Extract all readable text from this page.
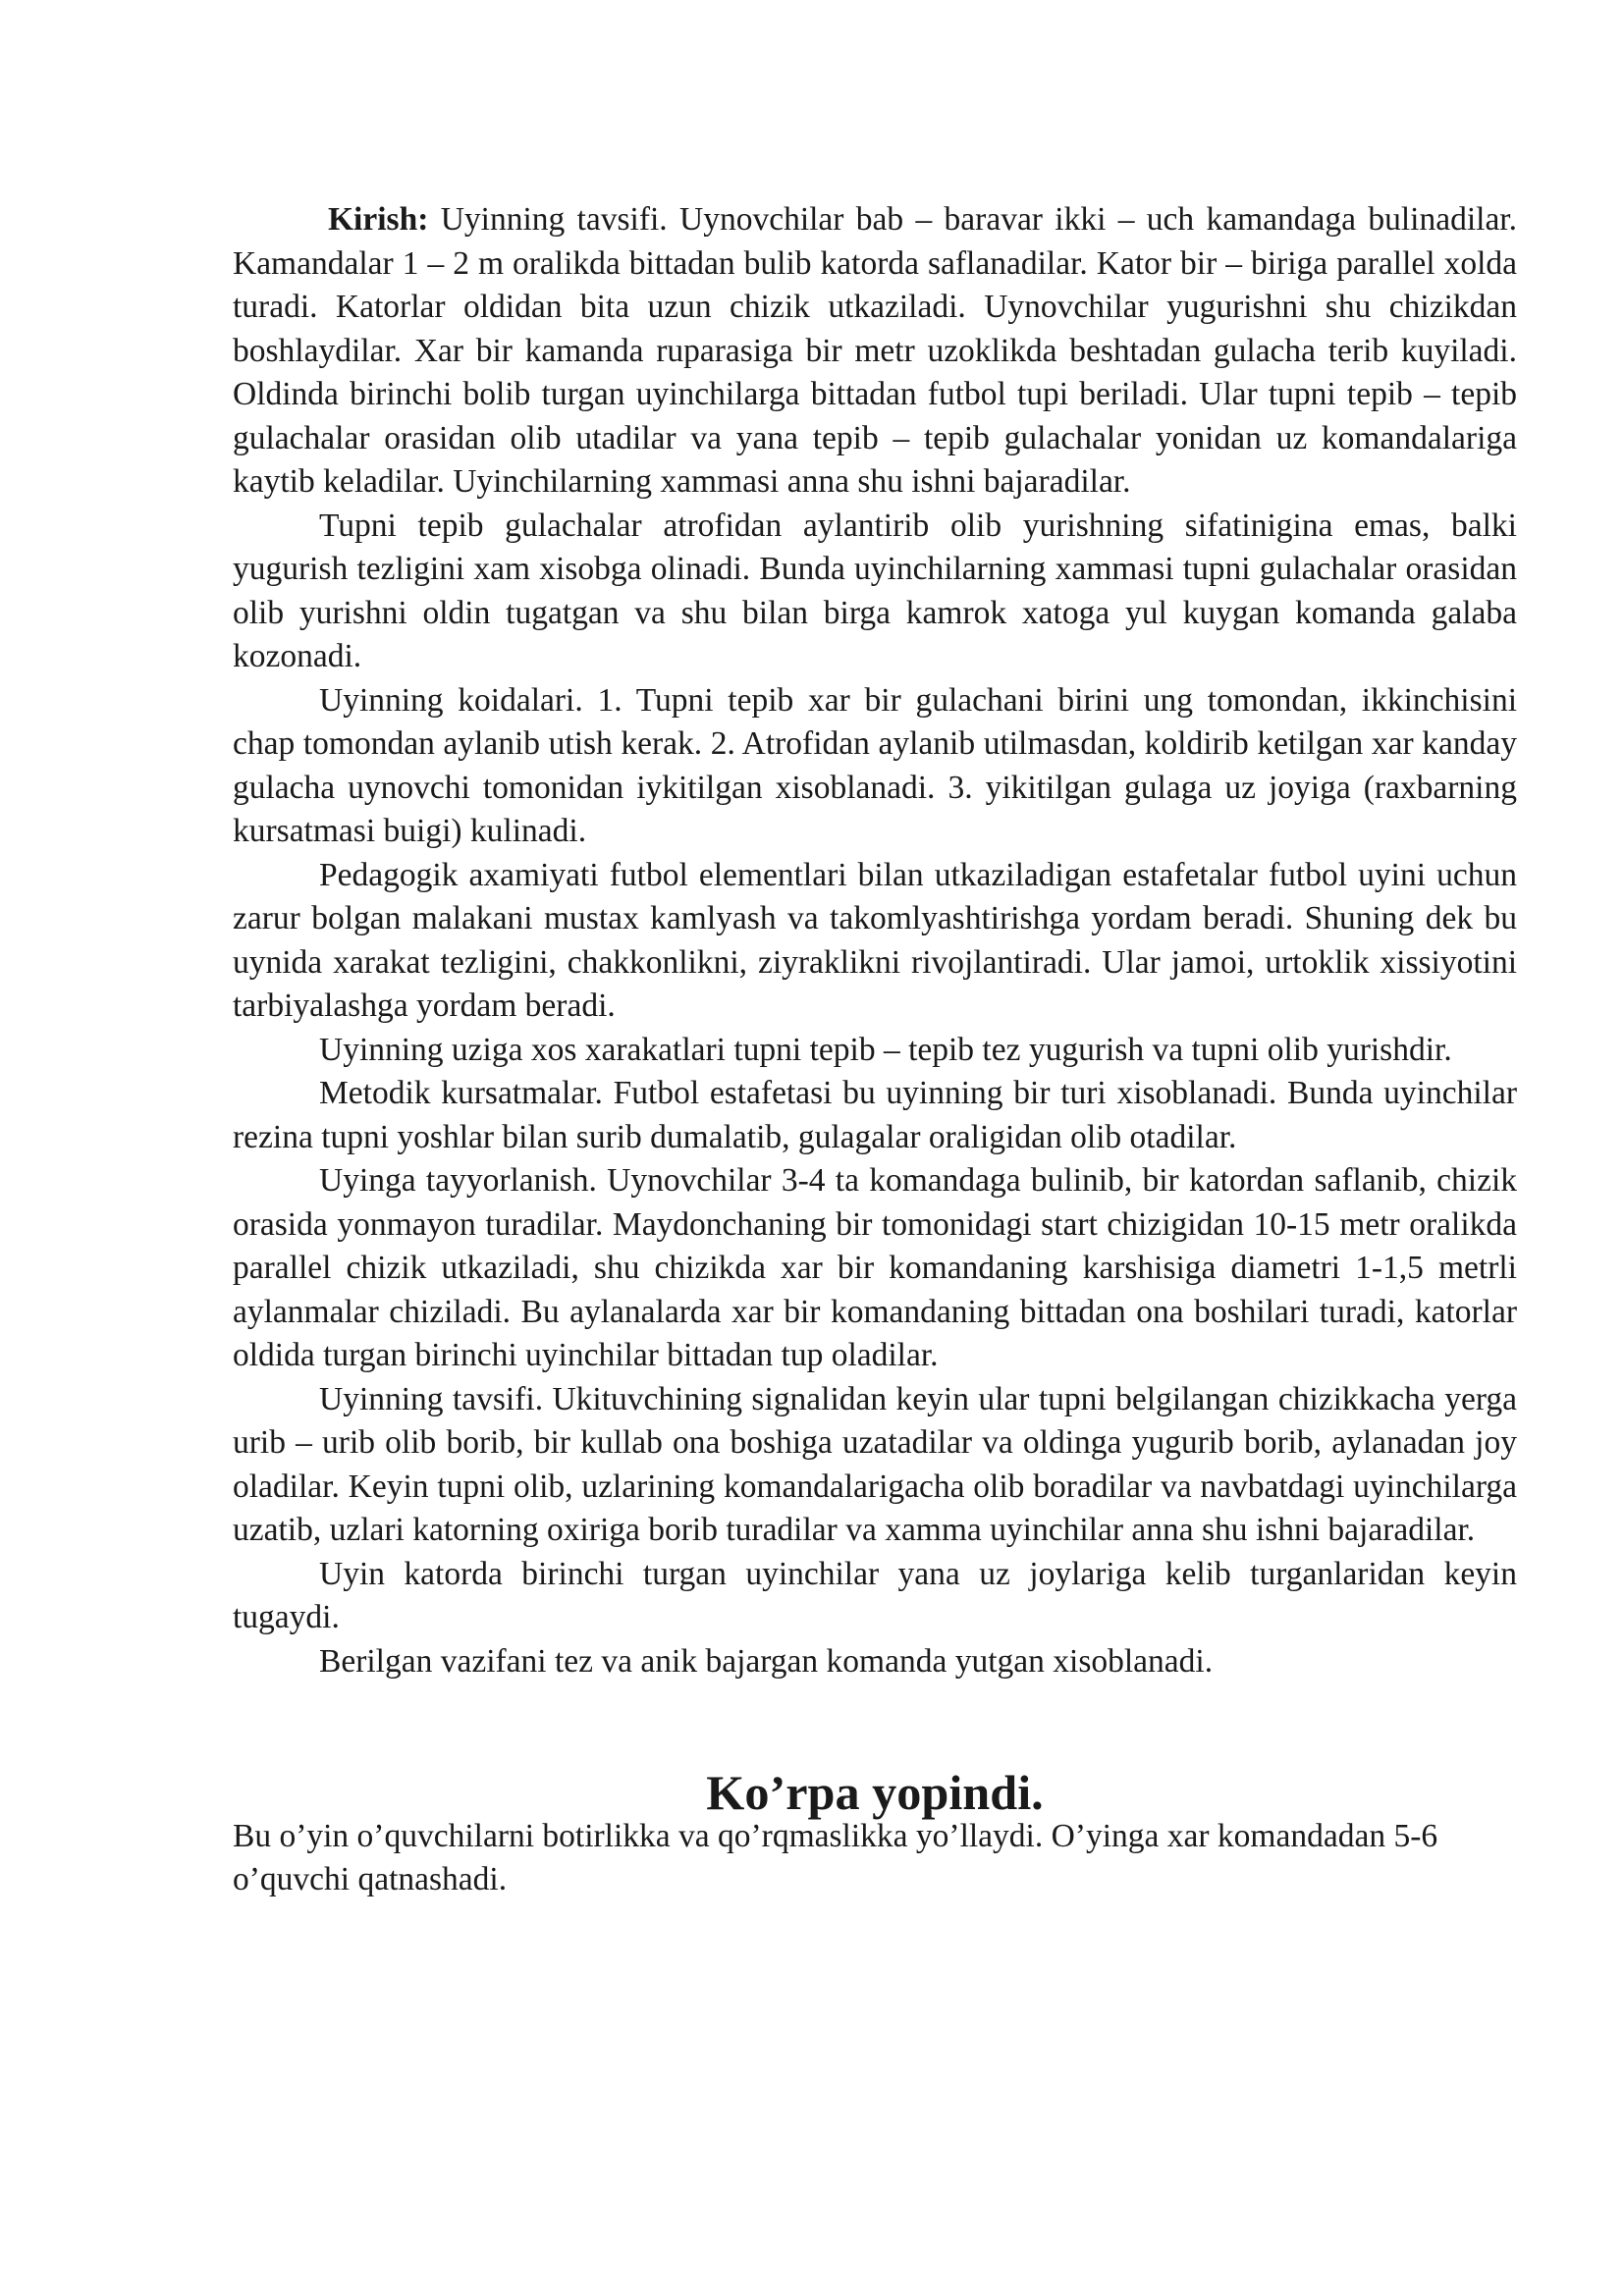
Kirish: Uyinning tavsifi. Uynovchilar bab – baravar ikki – uch kamandaga bulinadilar. Kamandalar 1 – 2 m oralikda bittadan bulib katorda saflanadilar. Kator bir – biriga parallel xolda turadi. Katorlar oldidan bita uzun chizik utkaziladi. Uynovchilar yugurishni shu chizikdan boshlaydilar. Xar bir kamanda ruparasiga bir metr uzoklikda beshtadan gulacha terib kuyiladi. Oldinda birinchi bolib turgan uyinchilarga bittadan futbol tupi beriladi. Ular tupni tepib – tepib gulachalar orasidan olib utadilar va yana tepib – tepib gulachalar yonidan uz komandalariga kaytib keladilar. Uyinchilarning xammasi anna shu ishni bajaradilar.

Tupni tepib gulachalar atrofidan aylantirib olib yurishning sifatinigina emas, balki yugurish tezligini xam xisobga olinadi. Bunda uyinchilarning xammasi tupni gulachalar orasidan olib yurishni oldin tugatgan va shu bilan birga kamrok xatoga yul kuygan komanda galaba kozonadi.

Uyinning koidalari. 1. Tupni tepib xar bir gulachani birini ung tomondan, ikkinchisini chap tomondan aylanib utish kerak. 2. Atrofidan aylanib utilmasdan, koldirib ketilgan xar kanday gulacha uynovchi tomonidan iykitilgan xisoblanadi. 3. yikitilgan gulaga uz joyiga (raxbarning kursatmasi buigi) kulinadi.

Pedagogik axamiyati futbol elementlari bilan utkaziladigan estafetalar futbol uyini uchun zarur bolgan malakani mustax kamlyash va takomlyashtirishga yordam beradi. Shuning dek bu uynida xarakat tezligini, chakkonlikni, ziyraklikni rivojlantiradi. Ular jamoi, urtoklik xissiyotini tarbiyalashga yordam beradi.

Uyinning uziga xos xarakatlari tupni tepib – tepib tez yugurish va tupni olib yurishdir.

Metodik kursatmalar. Futbol estafetasi bu uyinning bir turi xisoblanadi. Bunda uyinchilar rezina tupni yoshlar bilan surib dumalatib, gulagalar oraligidan olib otadilar.

Uyinga tayyorlanish. Uynovchilar 3-4 ta komandaga bulinib, bir katordan saflanib, chizik orasida yonmayon turadilar. Maydonchaning bir tomonidagi start chizigidan 10-15 metr oralikda parallel chizik utkaziladi, shu chizikda xar bir komandaning karshisiga diametri 1-1,5 metrli aylanmalar chiziladi. Bu aylanalarda xar bir komandaning bittadan ona boshilari turadi, katorlar oldida turgan birinchi uyinchilar bittadan tup oladilar.

Uyinning tavsifi. Ukituvchining signalidan keyin ular tupni belgilangan chizikkacha yerga urib – urib olib borib, bir kullab ona boshiga uzatadilar va oldinga yugurib borib, aylanadan joy oladilar. Keyin tupni olib, uzlarining komandalarigacha olib boradilar va navbatdagi uyinchilarga uzatib, uzlari katorning oxiriga borib turadilar va xamma uyinchilar anna shu ishni bajaradilar.

Uyin katorda birinchi turgan uyinchilar yana uz joylariga kelib turganlaridan keyin tugaydi.

Berilgan vazifani tez va anik bajargan komanda yutgan xisoblanadi.

Ko’rpa yopindi.

Bu o’yin o’quvchilarni botirlikka va qo’rqmaslikka yo’llaydi. O’yinga xar komandadan 5-6 o’quvchi qatnashadi.
